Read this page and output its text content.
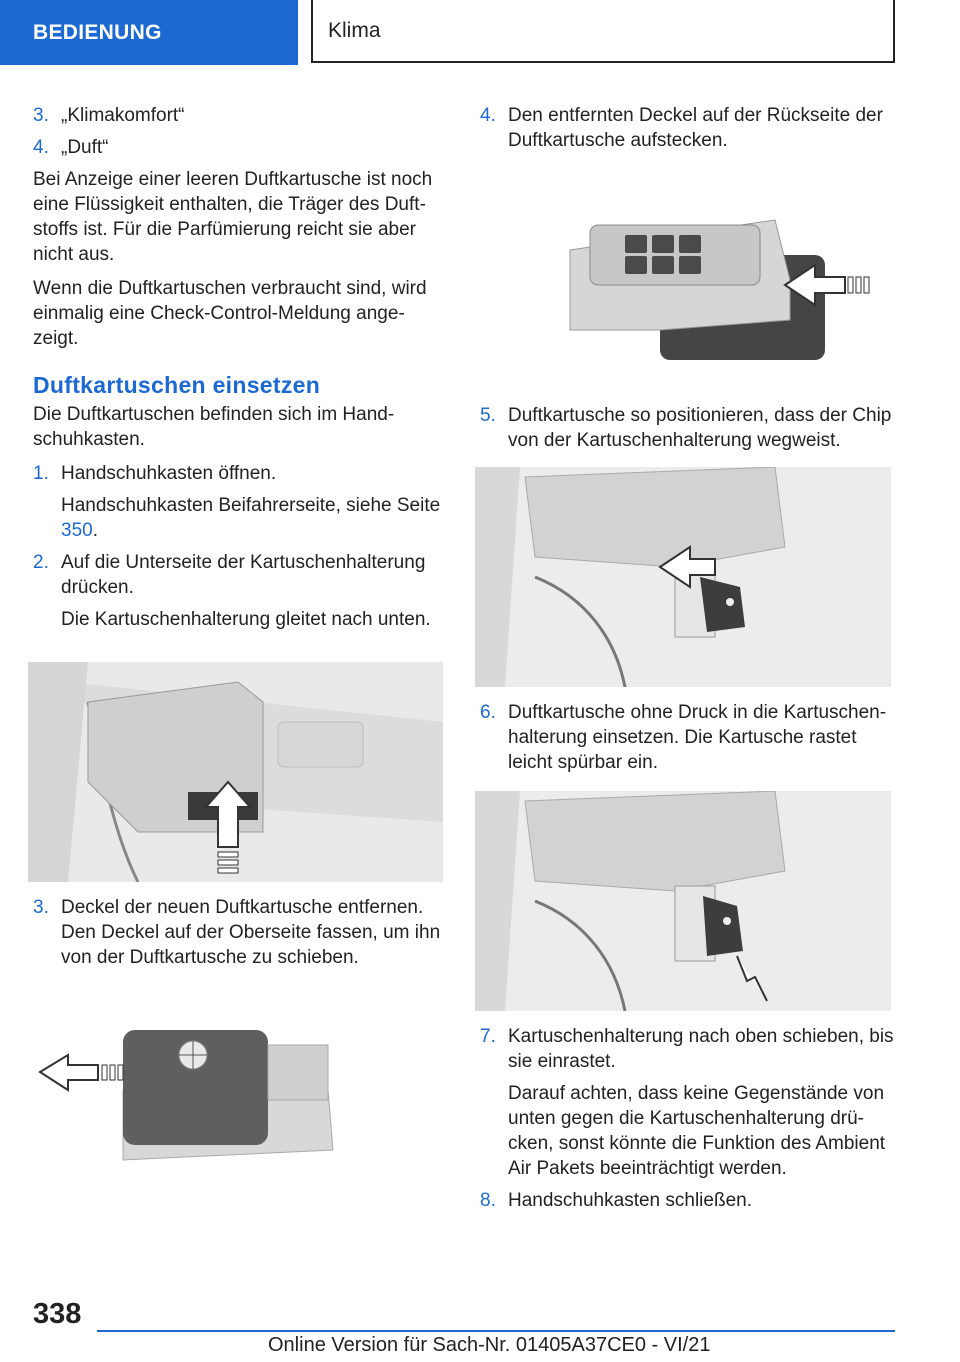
BEDIENUNG	Klima
3. „Klimakomfort“
4. „Duft“

Bei Anzeige einer leeren Duftkartusche ist noch eine Flüssigkeit enthalten, die Träger des Duftstoffs ist. Für die Parfümierung reicht sie aber nicht aus.

Wenn die Duftkartuschen verbraucht sind, wird einmalig eine Check-Control-Meldung angezeigt.

Duftkartuschen einsetzen

Die Duftkartuschen befinden sich im Handschuhkasten.

1. Handschuhkasten öffnen.

Handschuhkasten Beifahrerseite, siehe Seite 350.

2. Auf die Unterseite der Kartuschenhalterung drücken.

Die Kartuschenhalterung gleitet nach unten.

3. Deckel der neuen Duftkartusche entfernen. Den Deckel auf der Oberseite fassen, um ihn von der Duftkartusche zu schieben.
4. Den entfernten Deckel auf der Rückseite der Duftkartusche aufstecken.
5. Duftkartusche so positionieren, dass der Chip von der Kartuschenhalterung wegweist.
6. Duftkartusche ohne Druck in die Kartuschenhalterung einsetzen. Die Kartusche rastet leicht spürbar ein.
7. Kartuschenhalterung nach oben schieben, bis sie einrastet.

Darauf achten, dass keine Gegenstände von unten gegen die Kartuschenhalterung drücken, sonst könnte die Funktion des Ambient Air Pakets beeinträchtigt werden.

8. Handschuhkasten schließen.
338
Online Version für Sach-Nr. 01405A37CE0 - VI/21
